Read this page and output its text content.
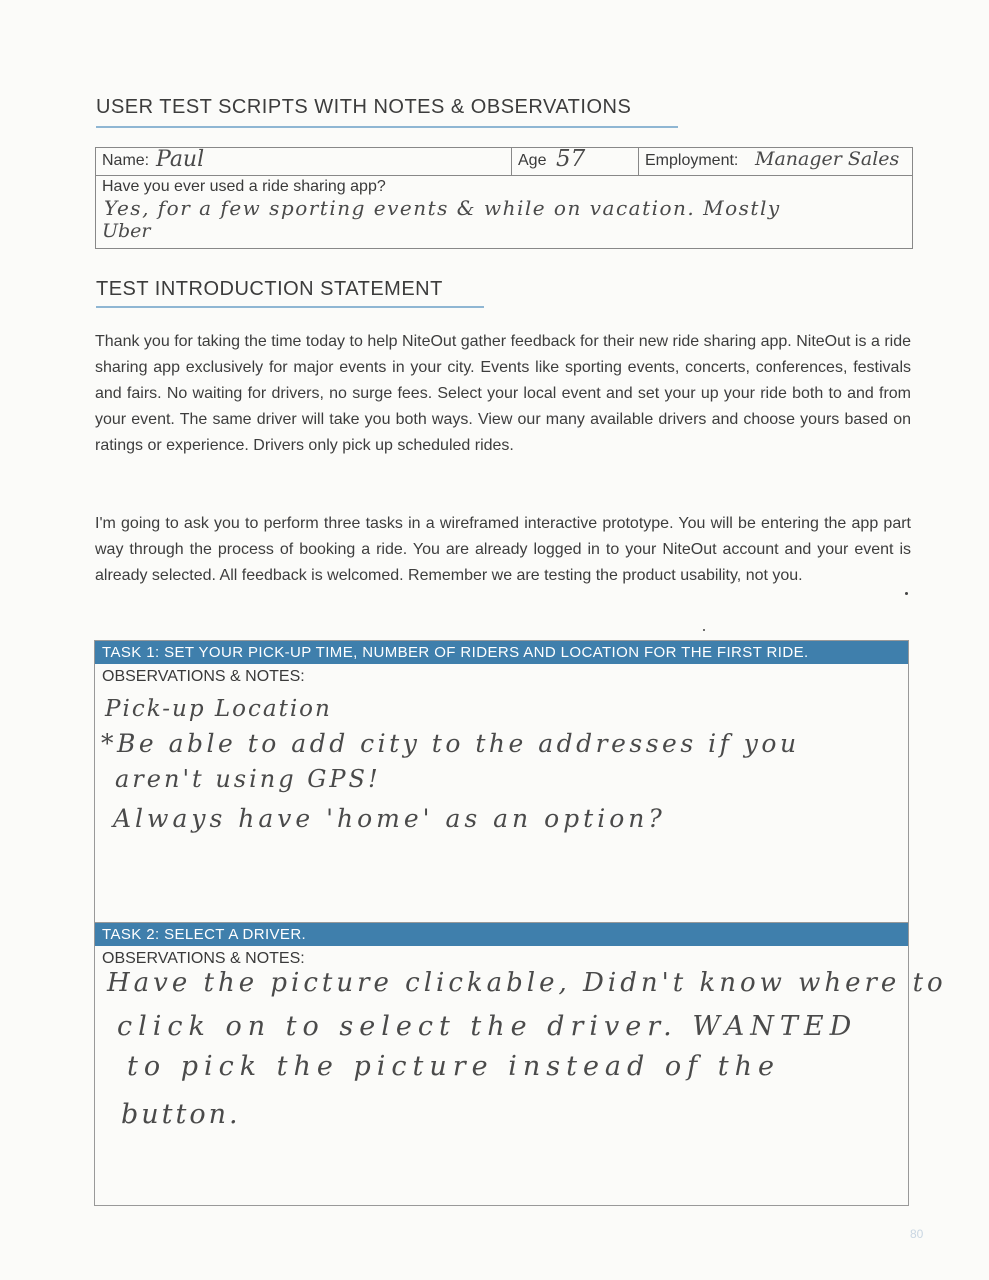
USER TEST SCRIPTS WITH NOTES & OBSERVATIONS
Name: Paul	Age 57	Employment: Manager Sales
Have you ever used a ride sharing app?
Yes, for a few sporting events & while on vacation. Mostly
Uber
TEST INTRODUCTION STATEMENT

Thank you for taking the time today to help NiteOut gather feedback for their new ride sharing app. NiteOut is a ride sharing app exclusively for major events in your city. Events like sporting events, concerts, conferences, festivals and fairs. No waiting for drivers, no surge fees. Select your local event and set your up your ride both to and from your event. The same driver will take you both ways. View our many available drivers and choose yours based on ratings or experience. Drivers only pick up scheduled rides.

I'm going to ask you to perform three tasks in a wireframed interactive prototype. You will be entering the app part way through the process of booking a ride. You are already logged in to your NiteOut account and your event is already selected. All feedback is welcomed. Remember we are testing the product usability, not you.

TASK 1: SET YOUR PICK-UP TIME, NUMBER OF RIDERS AND LOCATION FOR THE FIRST RIDE.
OBSERVATIONS & NOTES:
Pick-up Location
*Be able to add city to the addresses if you
aren't using GPS!
Always have 'home' as an option?
TASK 2: SELECT A DRIVER.
OBSERVATIONS & NOTES:
Have the picture clickable, Didn't know where to
click on to select the driver. WANTED
to pick the picture instead of the
button.
80
